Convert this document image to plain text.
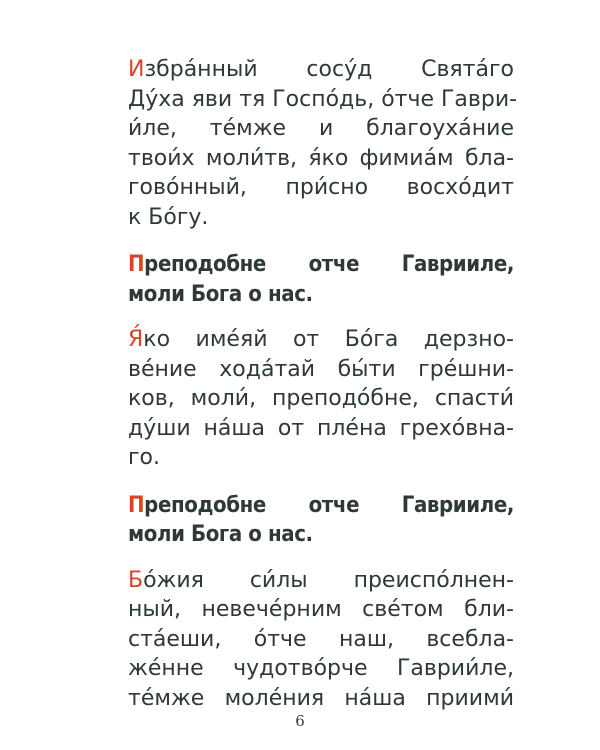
Избра́нный сосу́д Свята́го
Ду́ха яви тя Госпо́дь, о́тче Гаври-
и́ле, те́мже и благоуха́ние
твои́х моли́тв, я́ко фимиа́м бла-
гово́нный, при́сно восхо́дит
к Бо́гу.

Преподобне отче Гаврииле,
моли Бога о нас.

Я́ко име́яй от Бо́га дерзно-
ве́ние хода́тай бы́ти гре́шни-
ков, моли́, преподо́бне, спасти́
ду́ши на́ша от пле́на грехо́вна-
го.

Преподобне отче Гаврииле,
моли Бога о нас.

Бо́жия си́лы преиспо́лнен-
ный, невече́рним све́том бли-
ста́еши, о́тче наш, всебла-
же́нне чудотво́рче Гаврии́ле,
те́мже моле́ния на́ша приими́

6
